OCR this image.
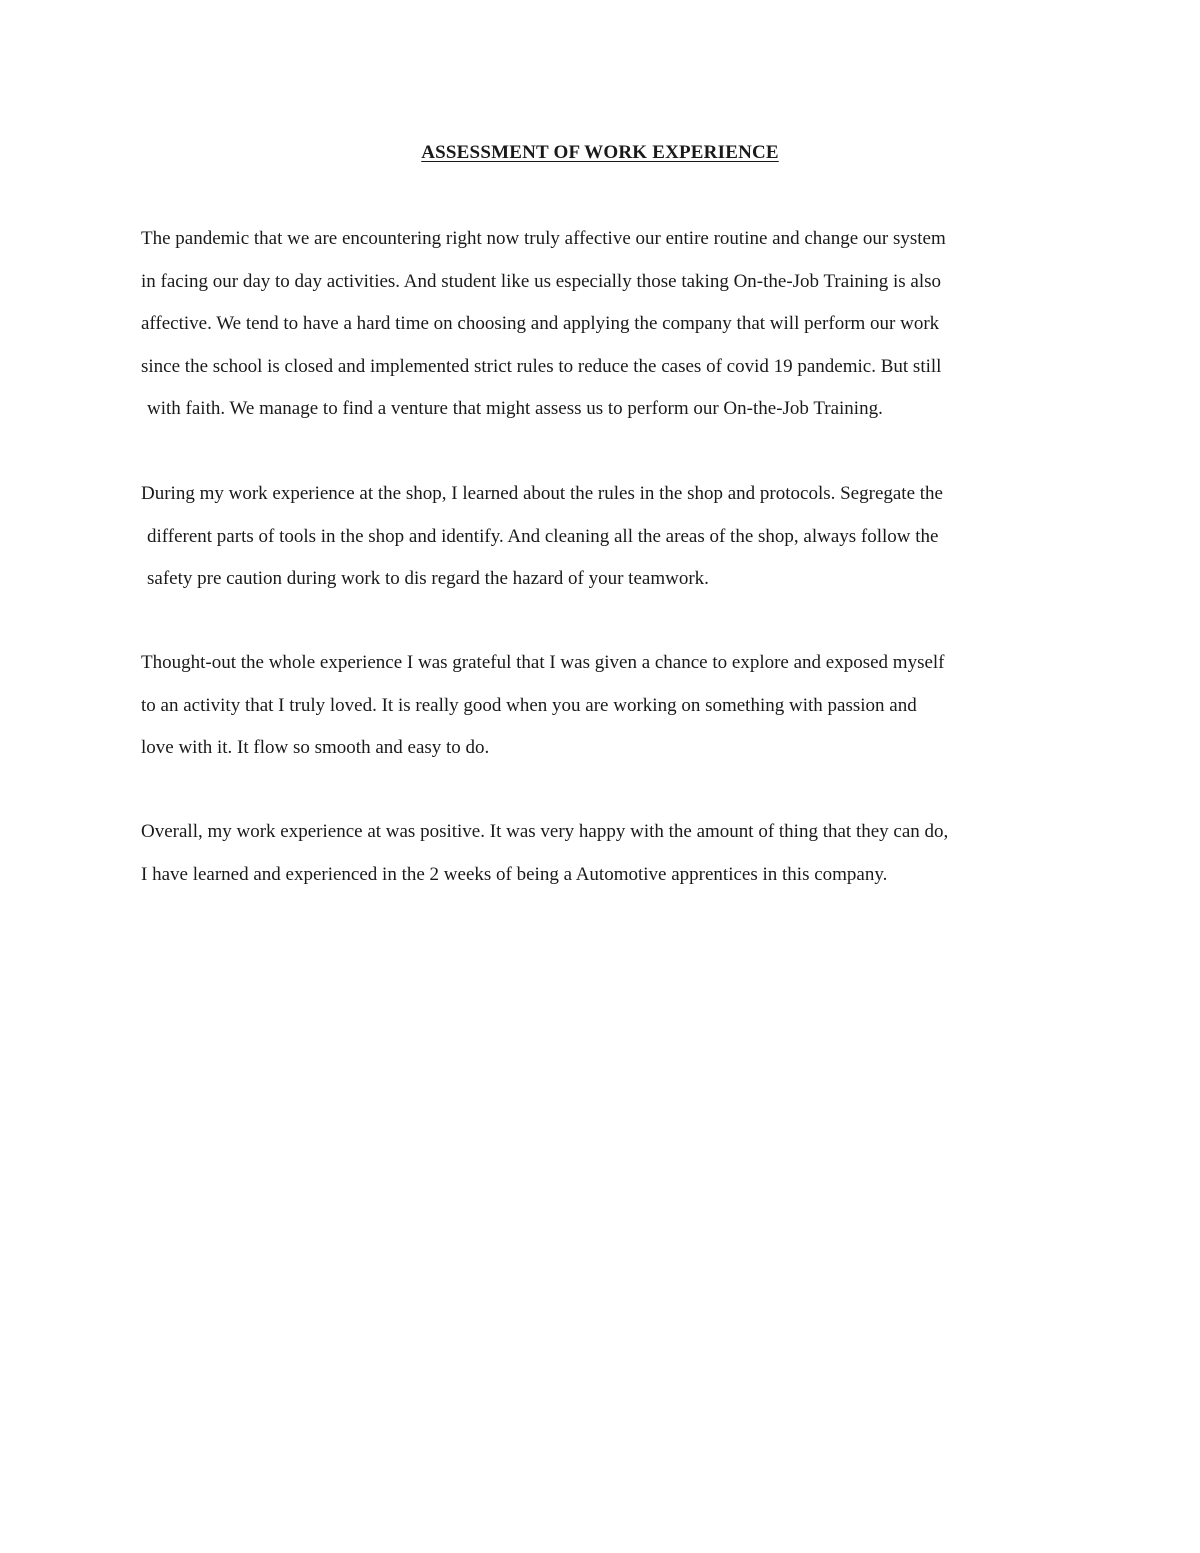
ASSESSMENT OF WORK EXPERIENCE
The pandemic that we are encountering right now truly affective our entire routine and change our system
in facing our day to day activities. And student like us especially those taking On-the-Job Training is also
affective. We tend to have a hard time on choosing and applying the company that will perform our work
since the school is closed and implemented strict rules to reduce the cases of covid 19 pandemic. But still
with faith. We manage to find a venture that might assess us to perform our On-the-Job Training.
During my work experience at the shop, I learned about the rules in the shop and protocols. Segregate the
different parts of tools in the shop and identify. And cleaning all the areas of the shop, always follow the
safety pre caution during work to dis regard the hazard of your teamwork.
Thought-out the whole experience I was grateful that I was given a chance to explore and exposed myself
to an activity that I truly loved. It is really good when you are working on something with passion and
love with it. It flow so smooth and easy to do.
Overall, my work experience at was positive. It was very happy with the amount of thing that they can do,
I have learned and experienced in the 2 weeks of being a Automotive apprentices in this company.
